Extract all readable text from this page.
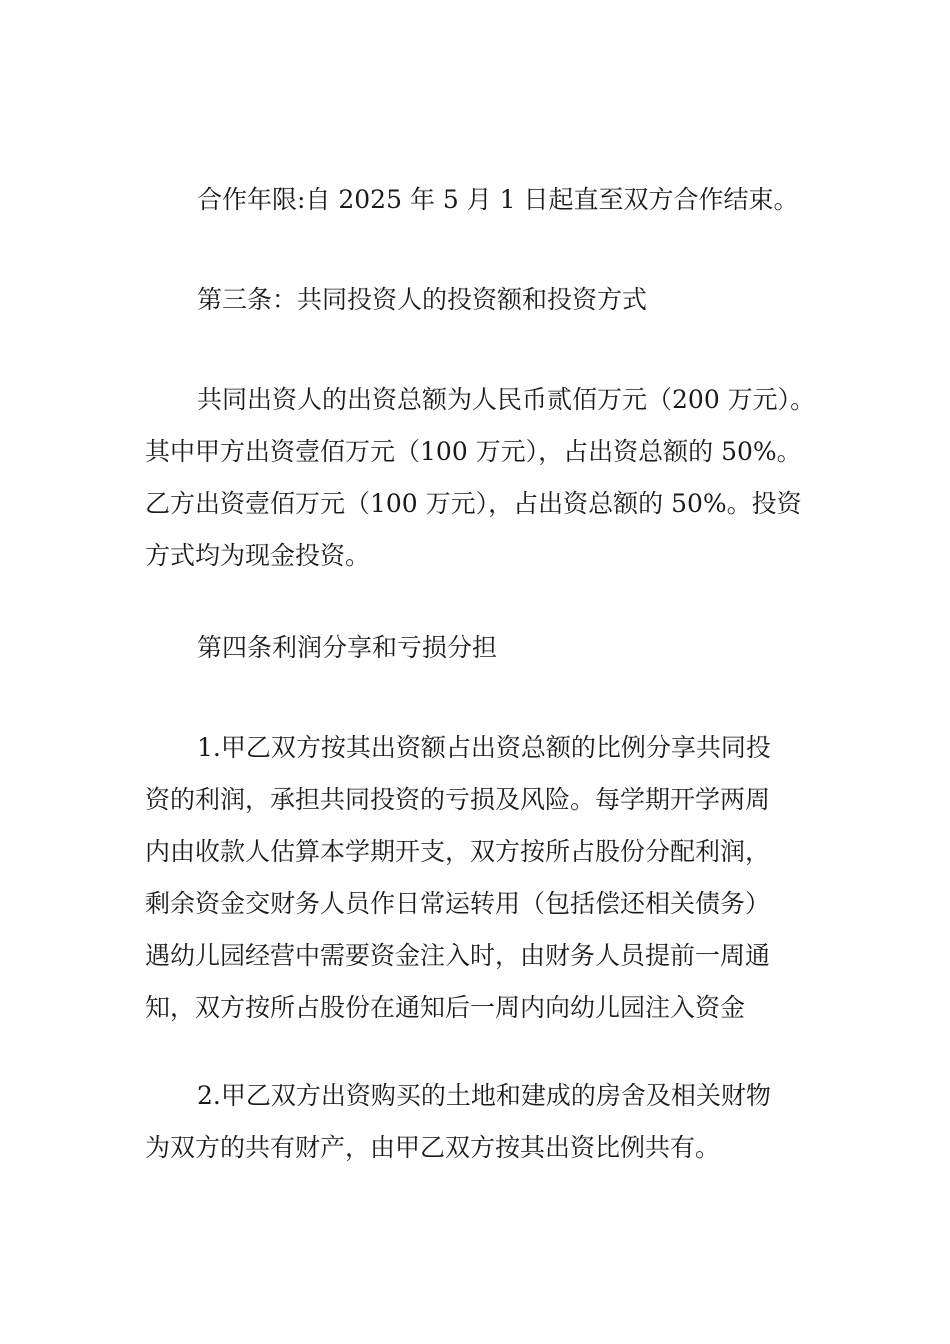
合作年限:自 2025 年 5 月 1 日起直至双方合作结束。

第三条：共同投资人的投资额和投资方式

共同出资人的出资总额为人民币贰佰万元（200 万元）。
其中甲方出资壹佰万元（100 万元），占出资总额的 50%。
乙方出资壹佰万元（100 万元），占出资总额的 50%。投资
方式均为现金投资。

第四条利润分享和亏损分担

1.甲乙双方按其出资额占出资总额的比例分享共同投
资的利润，承担共同投资的亏损及风险。每学期开学两周
内由收款人估算本学期开支，双方按所占股份分配利润，
剩余资金交财务人员作日常运转用（包括偿还相关债务）
遇幼儿园经营中需要资金注入时，由财务人员提前一周通
知，双方按所占股份在通知后一周内向幼儿园注入资金

2.甲乙双方出资购买的土地和建成的房舍及相关财物
为双方的共有财产，由甲乙双方按其出资比例共有。
